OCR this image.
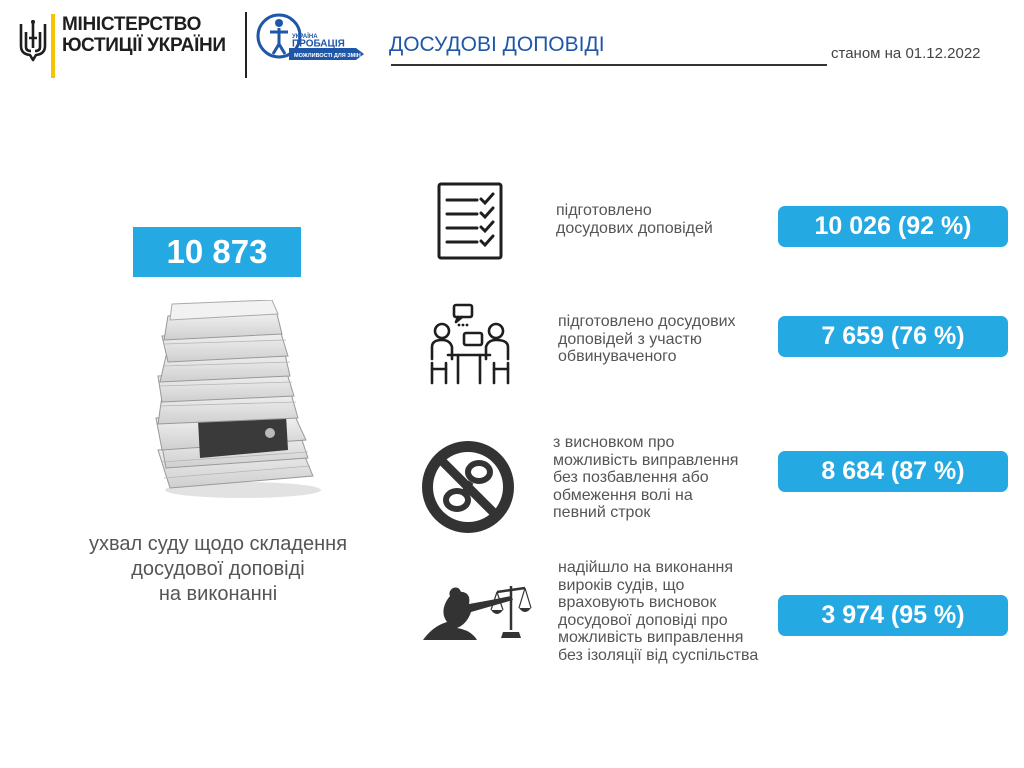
МІНІСТЕРСТВО
ЮСТИЦІЇ УКРАЇНИ	УКРАЇНА
ПРОБАЦІЯ
МОЖЛИВОСТІ ДЛЯ ЗМІН ДОСУДОВІ ДОПОВІДІ	станом на 01.12.2022
10 873
ухвал суду щодо складення
досудової доповіді
на виконанні
підготовлено
досудових доповідей	10 026 (92 %)
підготовлено досудових
доповідей з участю
обвинуваченого
7 659 (76 %)
з висновком про
можливість виправлення
без позбавлення або
обмеження волі на
певний строк
8 684 (87 %)
надійшло на виконання
вироків судів, що
враховують висновок
досудової доповіді про
можливість виправлення
без ізоляції від суспільства
3 974 (95 %)
